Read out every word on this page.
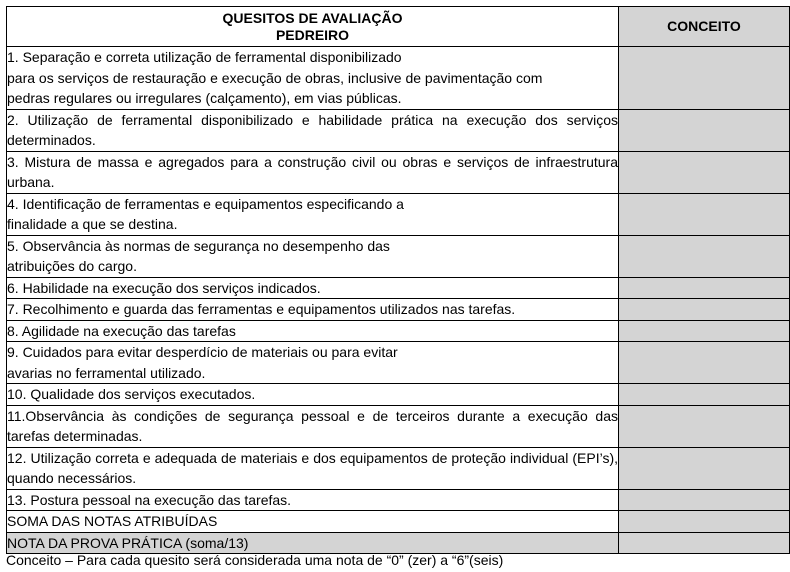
QUESITOS DE AVALIAÇÃO
PEDREIRO	CONCEITO

1. Separação e correta utilização de ferramental disponibilizado
para os serviços de restauração e execução de obras, inclusive de pavimentação com
pedras regulares ou irregulares (calçamento), em vias públicas.	

2. Utilização de ferramental disponibilizado e habilidade prática na execução dos serviços determinados.	
3. Mistura de massa e agregados para a construção civil ou obras e serviços de infraestrutura urbana.	

4. Identificação de ferramentas e equipamentos especificando a
finalidade a que se destina.	

5. Observância às normas de segurança no desempenho das
atribuições do cargo.	

6. Habilidade na execução dos serviços indicados.	
7. Recolhimento e guarda das ferramentas e equipamentos utilizados nas tarefas.	
8. Agilidade na execução das tarefas	

9. Cuidados para evitar desperdício de materiais ou para evitar
avarias no ferramental utilizado.	

10. Qualidade dos serviços executados.	
11.Observância às condições de segurança pessoal e de terceiros durante a execução das tarefas determinadas.	
12. Utilização correta e adequada de materiais e dos equipamentos de proteção individual (EPI’s), quando necessários.	
13. Postura pessoal na execução das tarefas.	
SOMA DAS NOTAS ATRIBUÍDAS	
NOTA DA PROVA PRÁTICA (soma/13)	
Conceito – Para cada quesito será considerada uma nota de “0” (zer) a “6”(seis)
